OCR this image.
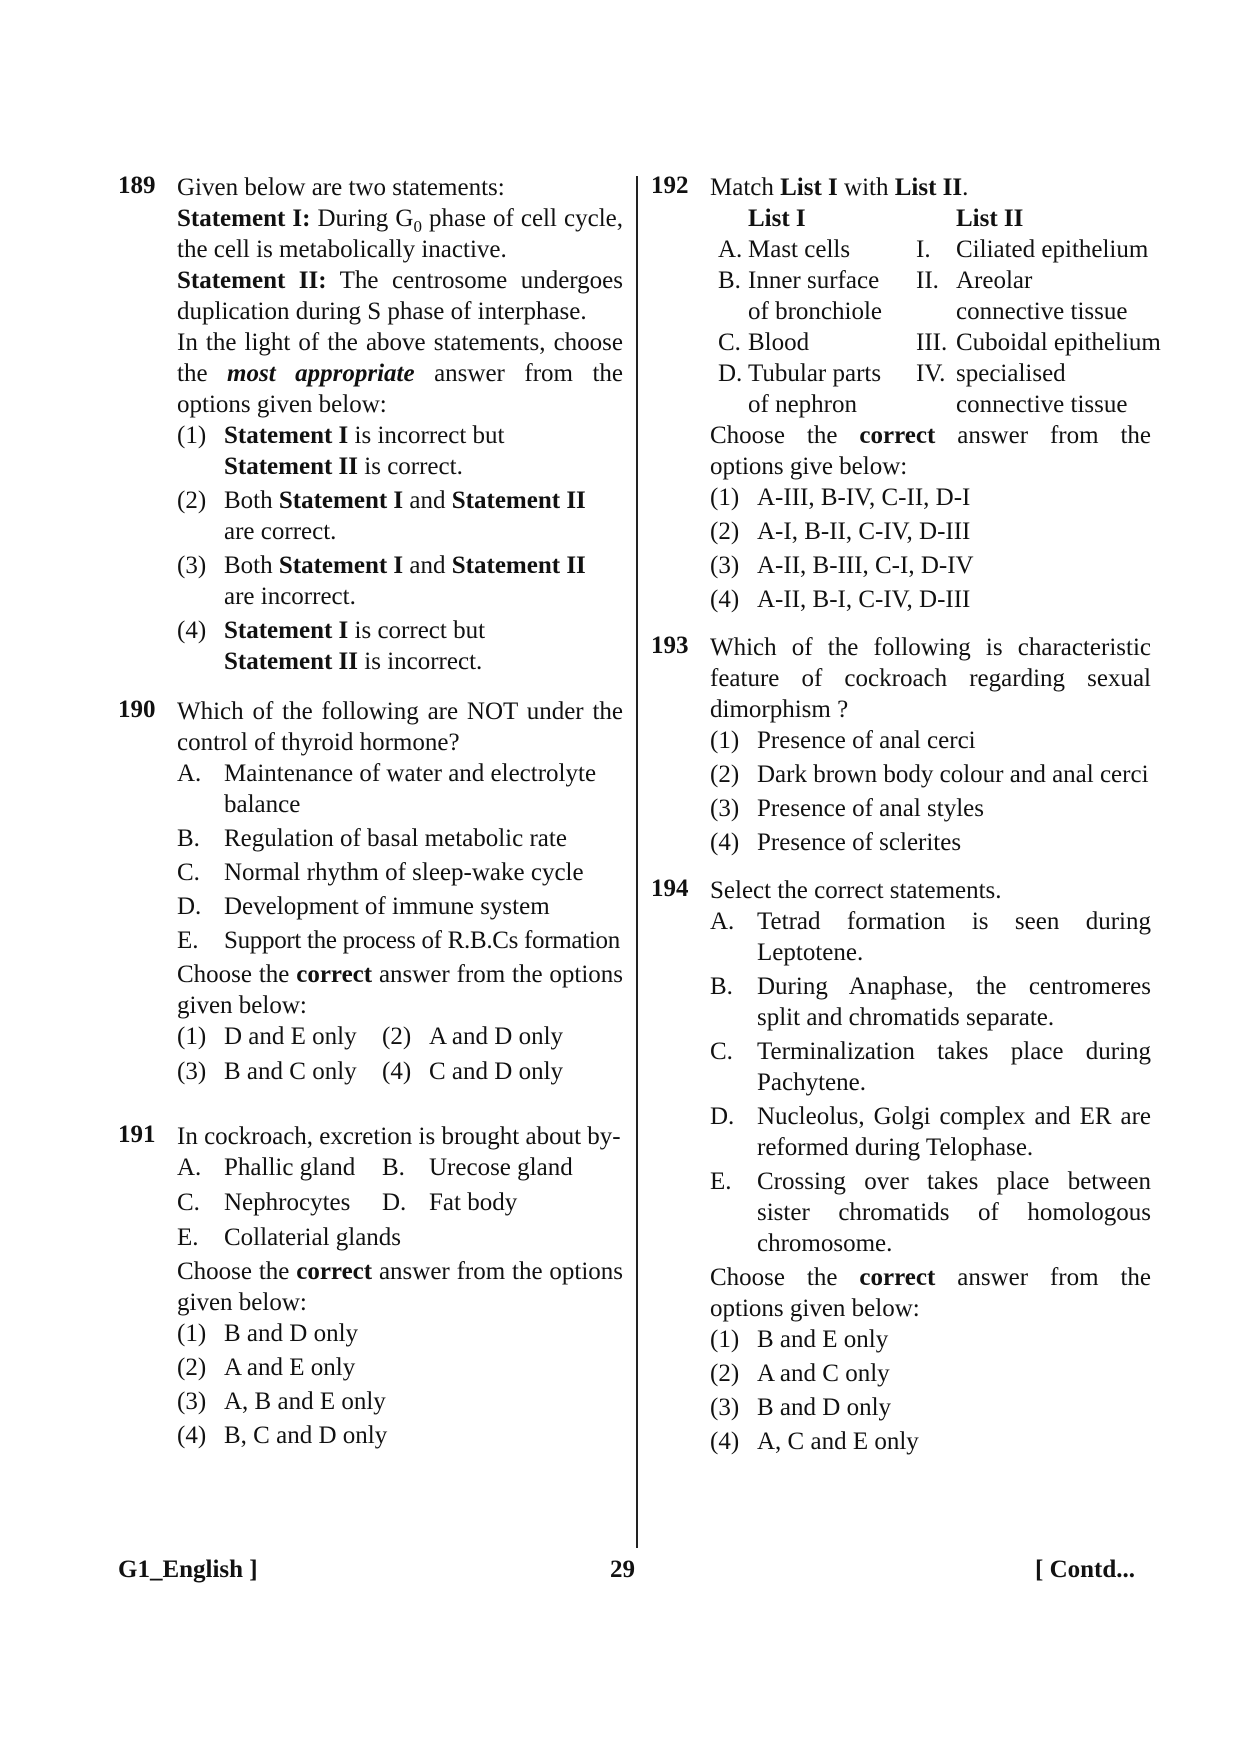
189 Given below are two statements:

Statement I: During $G_0$ phase of cell cycle, the cell is metabolically inactive.

Statement II: The centrosome undergoes duplication during S phase of interphase.

In the light of the above statements, choose the most appropriate answer from the options given below:

(1) Statement I is incorrect but
Statement II is correct.
(2) Both Statement I and Statement II
are correct.
(3) Both Statement I and Statement II
are incorrect.
(4) Statement I is correct but
Statement II is incorrect.
190 Which of the following are NOT under the control of thyroid hormone?

A. Maintenance of water and electrolyte balance
B. Regulation of basal metabolic rate
C. Normal rhythm of sleep-wake cycle
D. Development of immune system
E. Support the process of R.B.Cs formation

Choose the correct answer from the options given below:

(1) D and E only (2) A and D only
(3) B and C only (4) C and D only
191 In cockroach, excretion is brought about by-

A. Phallic gland B. Urecose gland
C. Nephrocytes D. Fat body
E. Collaterial glands

Choose the correct answer from the options given below:

(1) B and D only
(2) A and E only
(3) A, B and E only
(4) B, C and D only
192 Match List I with List II.

List I	List II
A. Mast cells	I.	Ciliated epithelium
B. Inner surface	II. Areolar
of bronchiole	connective tissue
C. Blood	III. Cuboidal epithelium
D. Tubular parts	IV. specialised
of nephron	connective tissue

Choose the correct answer from the options give below:

(1) A-III, B-IV, C-II, D-I
(2) A-I, B-II, C-IV, D-III
(3) A-II, B-III, C-I, D-IV
(4) A-II, B-I, C-IV, D-III
193 Which of the following is characteristic feature of cockroach regarding sexual dimorphism ?

(1) Presence of anal cerci
(2) Dark brown body colour and anal cerci
(3) Presence of anal styles
(4) Presence of sclerites
194 Select the correct statements.

A. Tetrad formation is seen during Leptotene.

B. During Anaphase, the centromeres split and chromatids separate.

C. Terminalization takes place during Pachytene.

D. Nucleolus, Golgi complex and ER are reformed during Telophase.

E. Crossing over takes place between sister chromatids of homologous chromosome.

Choose the correct answer from the options given below:

(1) B and E only
(2) A and C only
(3) B and D only
(4) A, C and E only
G1_English ]	29	[ Contd...
